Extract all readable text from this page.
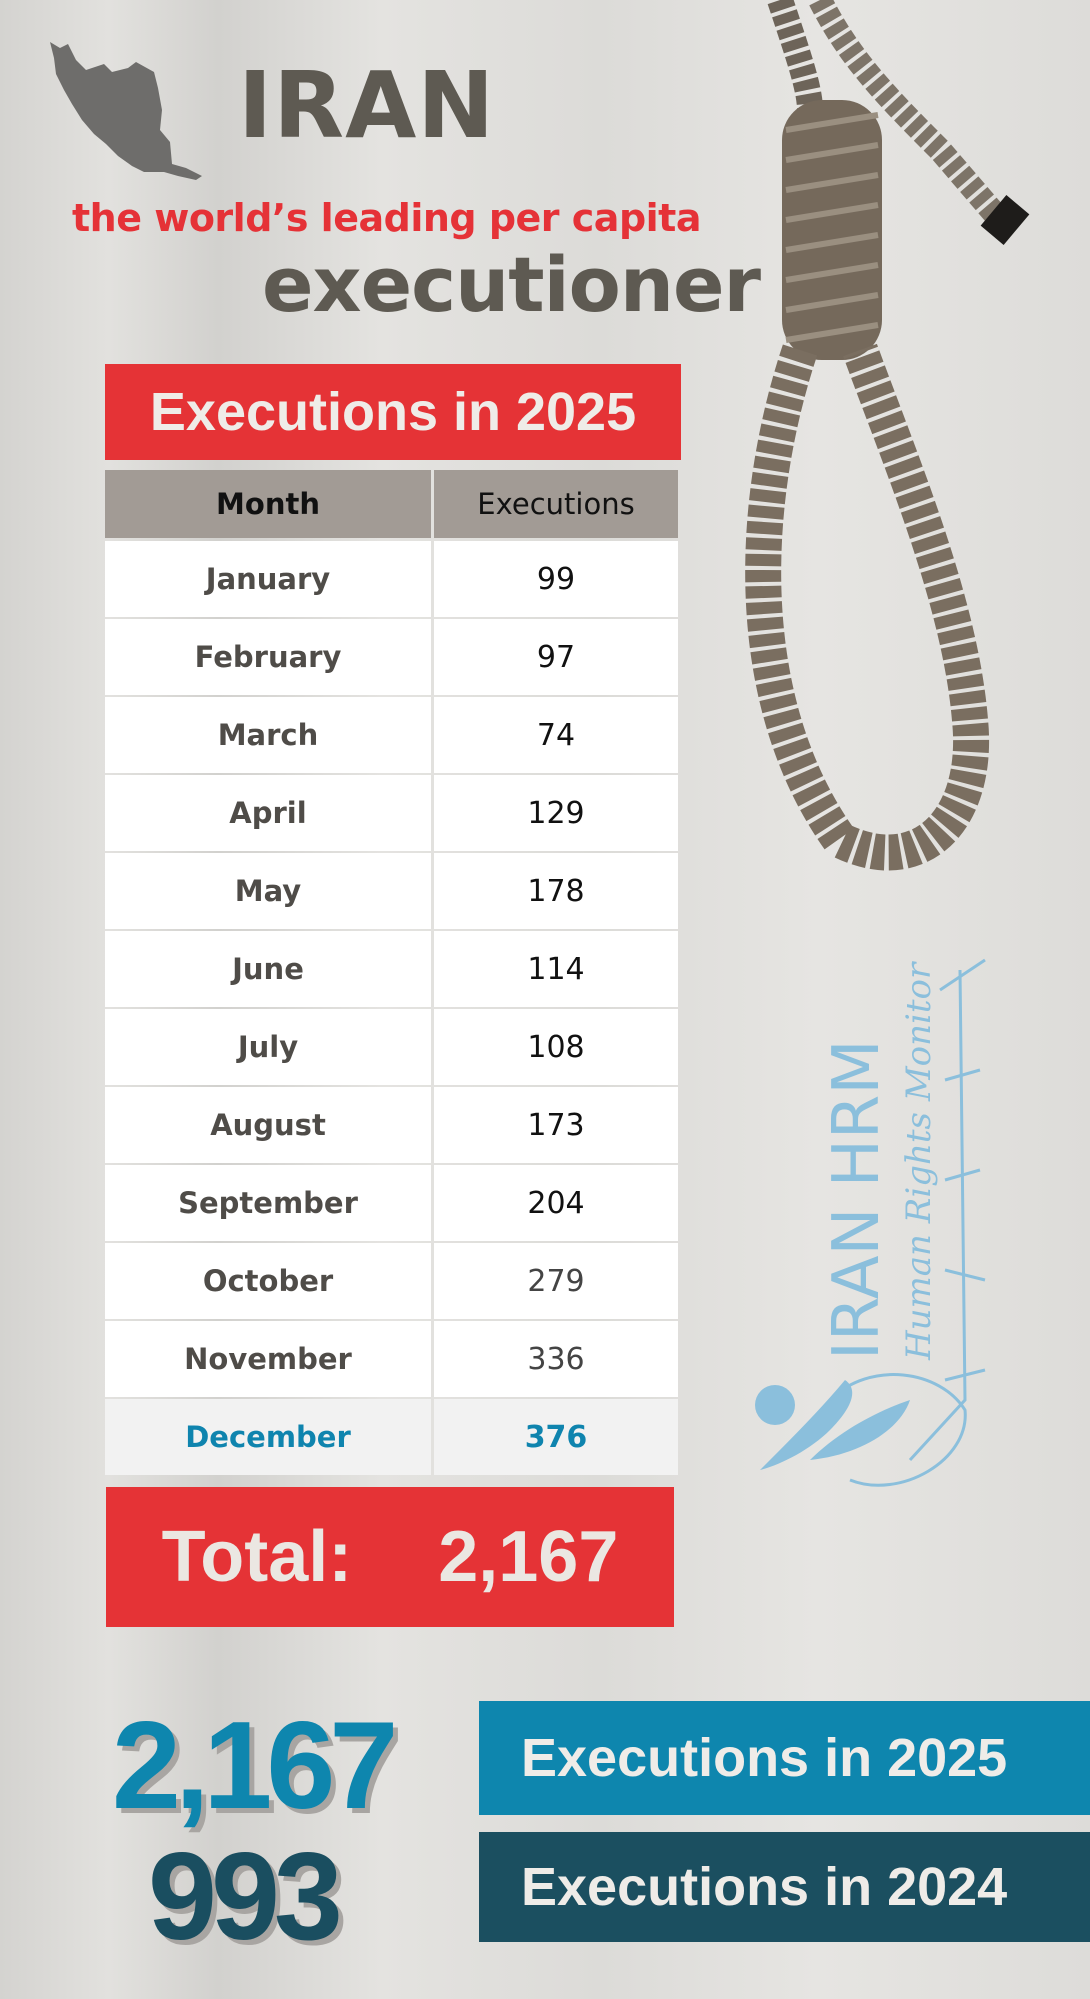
IRAN
the world’s leading per capita
executioner
Executions in 2025
Month	Executions
January	99
February	97
March	74
April	129
May	178
June	114
July	108
August	173
September	204
October	279
November	336
December	376
Total: 2,167
IRAN HRM Human Rights Monitor
2,167
993
Executions in 2025
Executions in 2024
